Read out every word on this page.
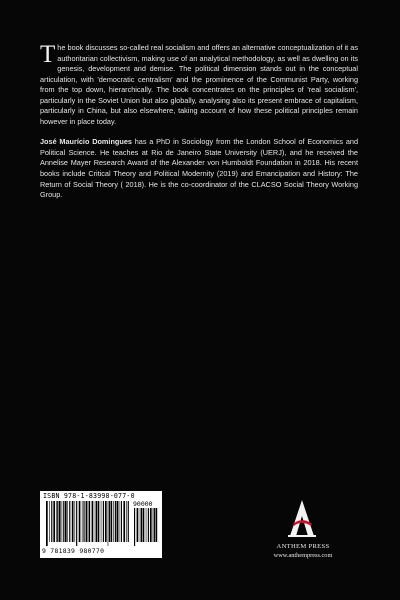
The book discusses so-called real socialism and offers an alternative conceptualization of it as authoritarian collectivism, making use of an analytical methodology, as well as dwelling on its genesis, development and demise. The political dimension stands out in the conceptual articulation, with 'democratic centralism' and the prominence of the Communist Party, working from the top down, hierarchically. The book concentrates on the principles of 'real socialism', particularly in the Soviet Union but also globally, analysing also its present embrace of capitalism, particularly in China, but also elsewhere, taking account of how these political principles remain however in place today.

José Maurício Domingues has a PhD in Sociology from the London School of Economics and Political Science. He teaches at Rio de Janeiro State University (UERJ), and he received the Annelise Mayer Research Award of the Alexander von Humboldt Foundation in 2018. His recent books include Critical Theory and Political Modernity (2019) and Emancipation and History: The Return of Social Theory ( 2018). He is the co-coordinator of the CLACSO Social Theory Working Group.

ISBN 978-1-83998-077-0
90000
9 781839 980770
ANTHEM PRESS
www.anthempress.com
